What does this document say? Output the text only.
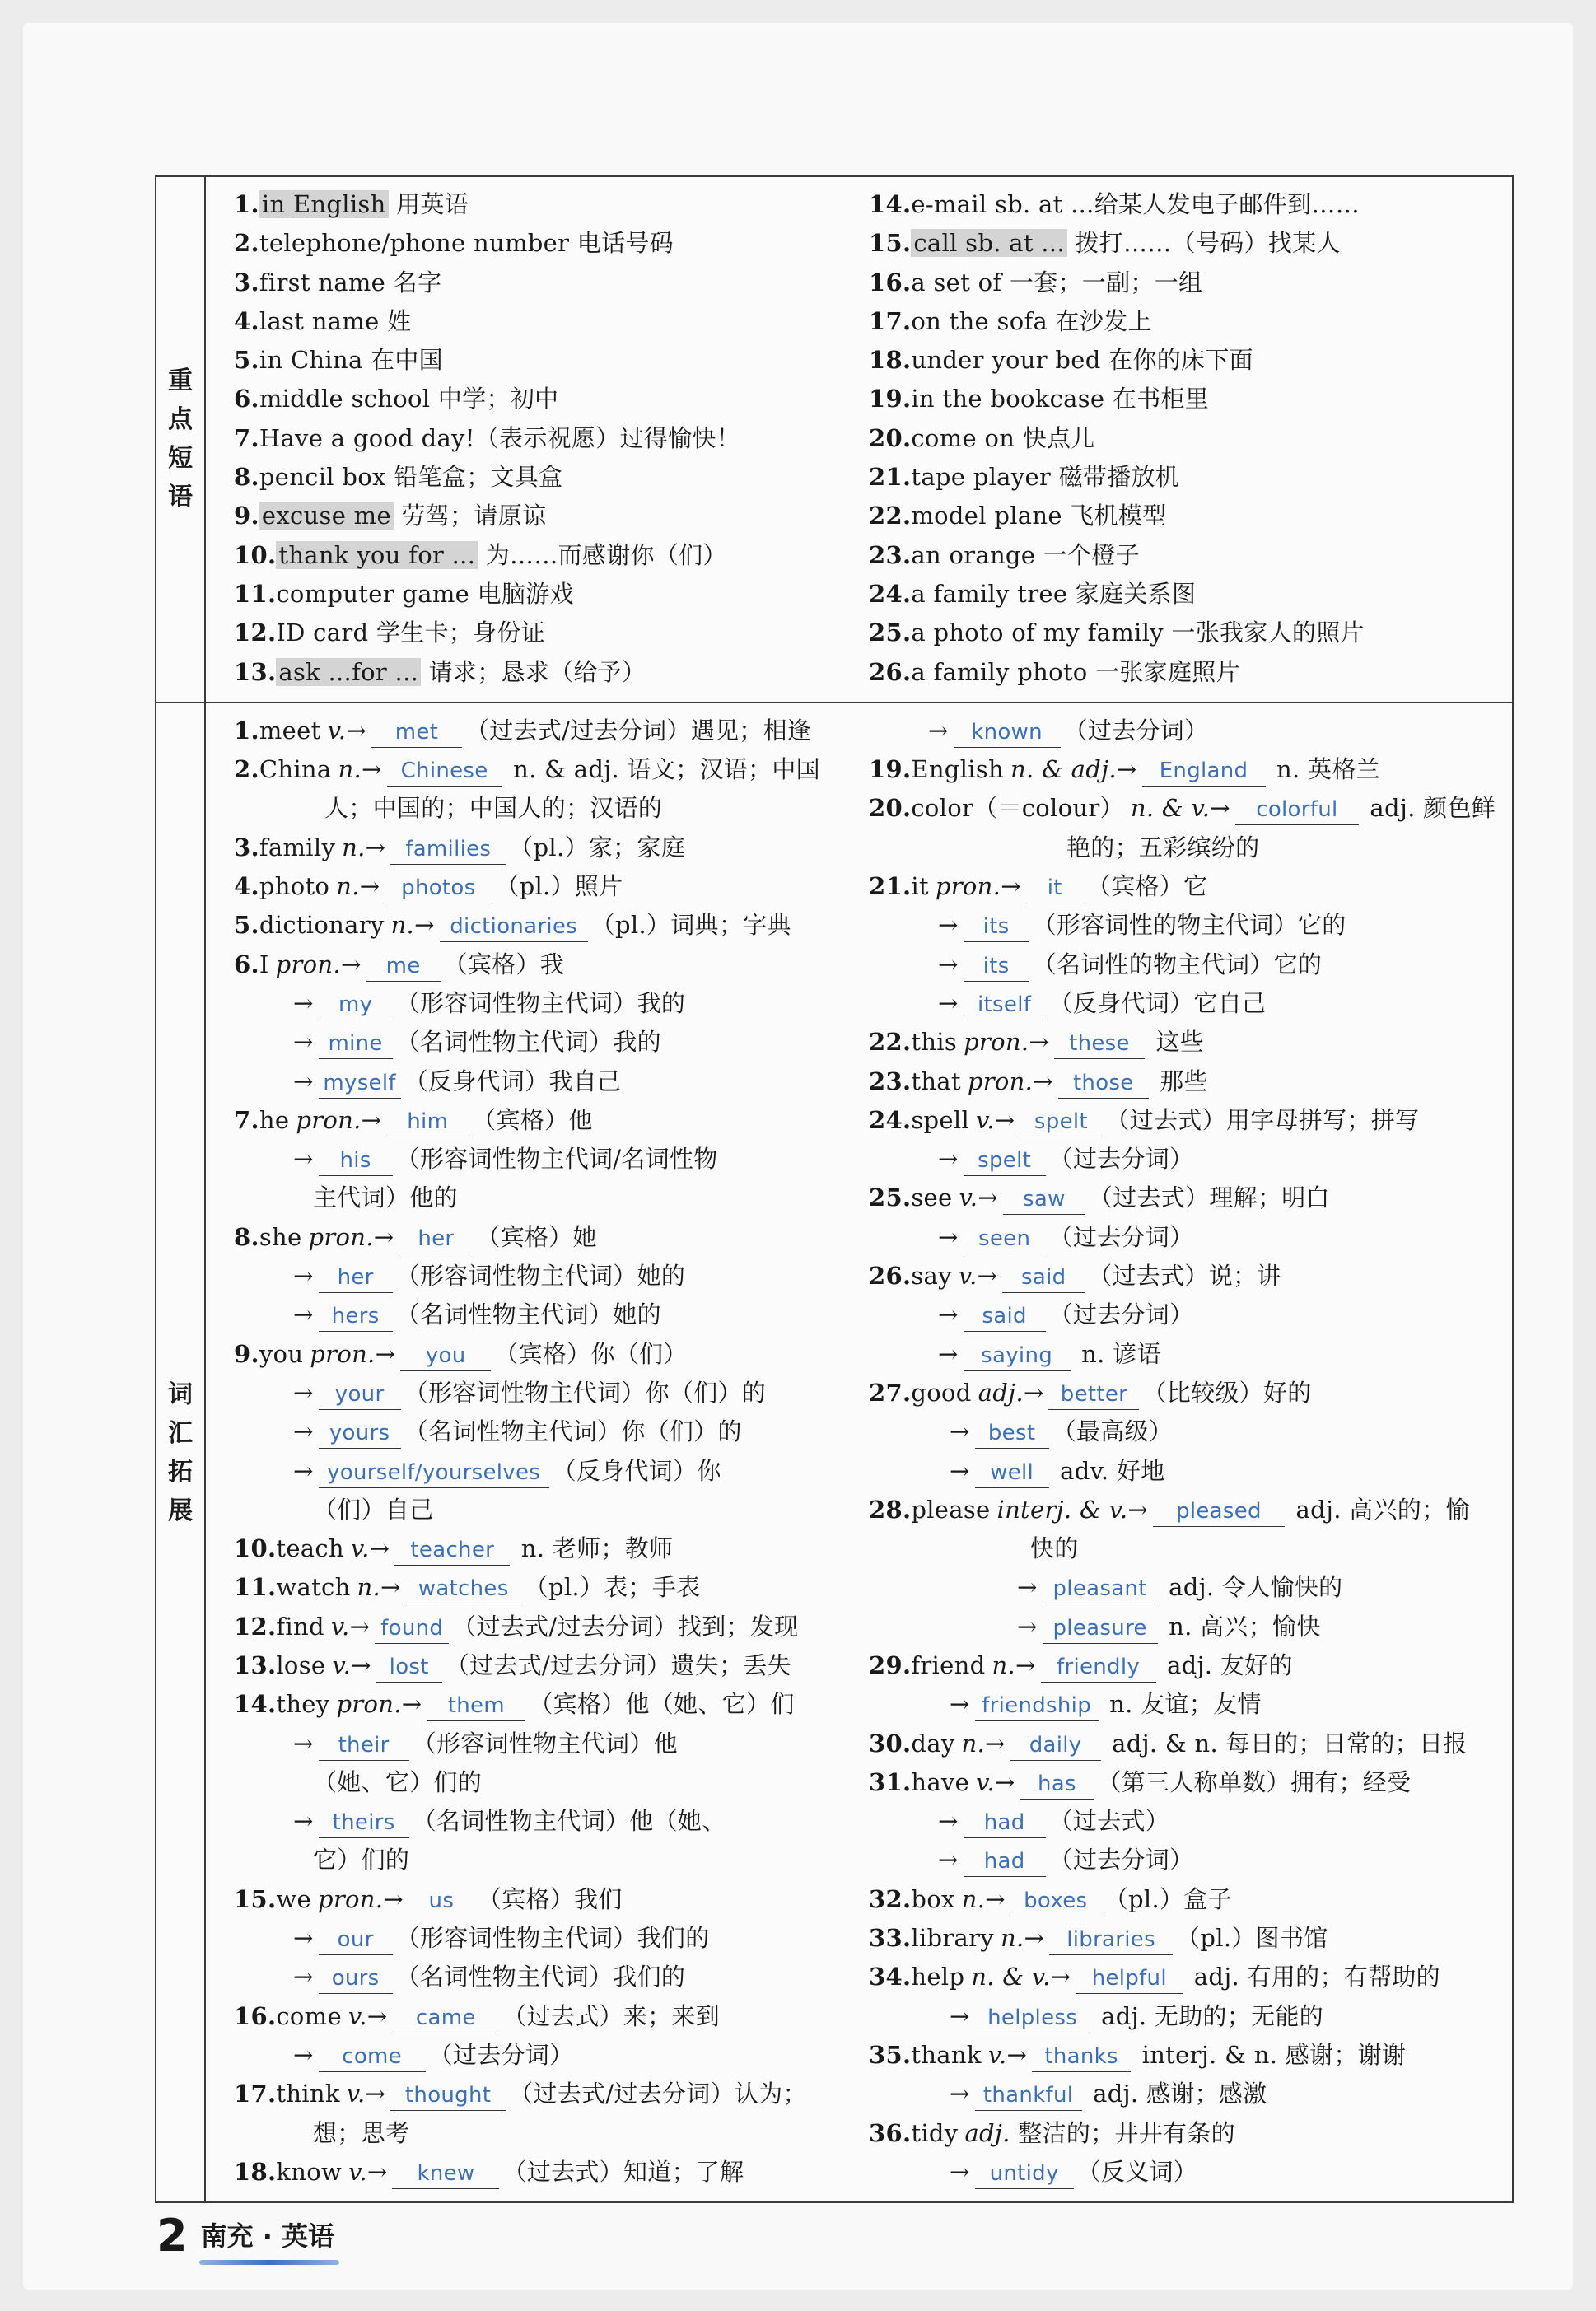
重
点
短
语
1. in English 用英语
2.telephone/phone number 电话号码
3.first name 名字
4.last name 姓
5.in China 在中国
6.middle school 中学；初中
7.Have a good day!（表示祝愿）过得愉快！
8.pencil box 铅笔盒；文具盒
9. excuse me 劳驾；请原谅
10. thank you for ... 为……而感谢你（们）
11.computer game 电脑游戏
12.ID card 学生卡；身份证
13. ask ...for ... 请求；恳求（给予）
14.e-mail sb. at ...给某人发电子邮件到……
15. call sb. at ... 拨打……（号码）找某人
16.a set of 一套；一副；一组
17.on the sofa 在沙发上
18.under your bed 在你的床下面
19.in the bookcase 在书柜里
20.come on 快点儿
21.tape player 磁带播放机
22.model plane 飞机模型
23.an orange 一个橙子
24.a family tree 家庭关系图
25.a photo of my family 一张我家人的照片
26.a family photo 一张家庭照片
词
汇
拓
展
1.meet v.→ met （过去式/过去分词）遇见；相逢
2.China n.→ Chinese n. & adj. 语文；汉语；中国
人；中国的；中国人的；汉语的
3.family n.→ families （pl.）家；家庭
4.photo n.→ photos （pl.）照片
5.dictionary n.→ dictionaries （pl.）词典；字典
6.I pron.→ me （宾格）我
→ my （形容词性物主代词）我的
→ mine （名词性物主代词）我的
→ myself （反身代词）我自己
7.he pron.→ him （宾格）他
→ his （形容词性物主代词/名词性物
主代词）他的
8.she pron.→ her （宾格）她
→ her （形容词性物主代词）她的
→ hers （名词性物主代词）她的
9.you pron.→ you （宾格）你（们）
→ your （形容词性物主代词）你（们）的
→ yours （名词性物主代词）你（们）的
→ yourself/yourselves （反身代词）你
（们）自己
10.teach v.→ teacher n. 老师；教师
11.watch n.→ watches （pl.）表；手表
12.find v.→ found （过去式/过去分词）找到；发现
13.lose v.→ lost （过去式/过去分词）遗失；丢失
14.they pron.→ them （宾格）他（她、它）们
→ their （形容词性物主代词）他
（她、它）们的
→ theirs （名词性物主代词）他（她、
它）们的
15.we pron.→ us （宾格）我们
→ our （形容词性物主代词）我们的
→ ours （名词性物主代词）我们的
16.come v.→ came （过去式）来；来到
→ come （过去分词）
17.think v.→ thought （过去式/过去分词）认为；
想；思考
18.know v.→ knew （过去式）知道；了解
→ known （过去分词）
19.English n. & adj.→ England n. 英格兰
20.color（＝colour） n. & v.→ colorful adj. 颜色鲜
艳的；五彩缤纷的
21.it pron.→ it （宾格）它
→ its （形容词性的物主代词）它的
→ its （名词性的物主代词）它的
→ itself （反身代词）它自己
22.this pron.→ these 这些
23.that pron.→ those 那些
24.spell v.→ spelt （过去式）用字母拼写；拼写
→ spelt （过去分词）
25.see v.→ saw （过去式）理解；明白
→ seen （过去分词）
26.say v.→ said （过去式）说；讲
→ said （过去分词）
→ saying n. 谚语
27.good adj.→ better （比较级）好的
→ best （最高级）
→ well adv. 好地
28.please interj. & v.→ pleased adj. 高兴的；愉
快的
→ pleasant adj. 令人愉快的
→ pleasure n. 高兴；愉快
29.friend n.→ friendly adj. 友好的
→ friendship n. 友谊；友情
30.day n.→ daily adj. & n. 每日的；日常的；日报
31.have v.→ has （第三人称单数）拥有；经受
→ had （过去式）
→ had （过去分词）
32.box n.→ boxes （pl.）盒子
33.library n.→ libraries （pl.）图书馆
34.help n. & v.→ helpful adj. 有用的；有帮助的
→ helpless adj. 无助的；无能的
35.thank v.→ thanks interj. & n. 感谢；谢谢
→ thankful adj. 感谢；感激
36.tidy adj. 整洁的；井井有条的
→ untidy （反义词）
2 南充 · 英语
